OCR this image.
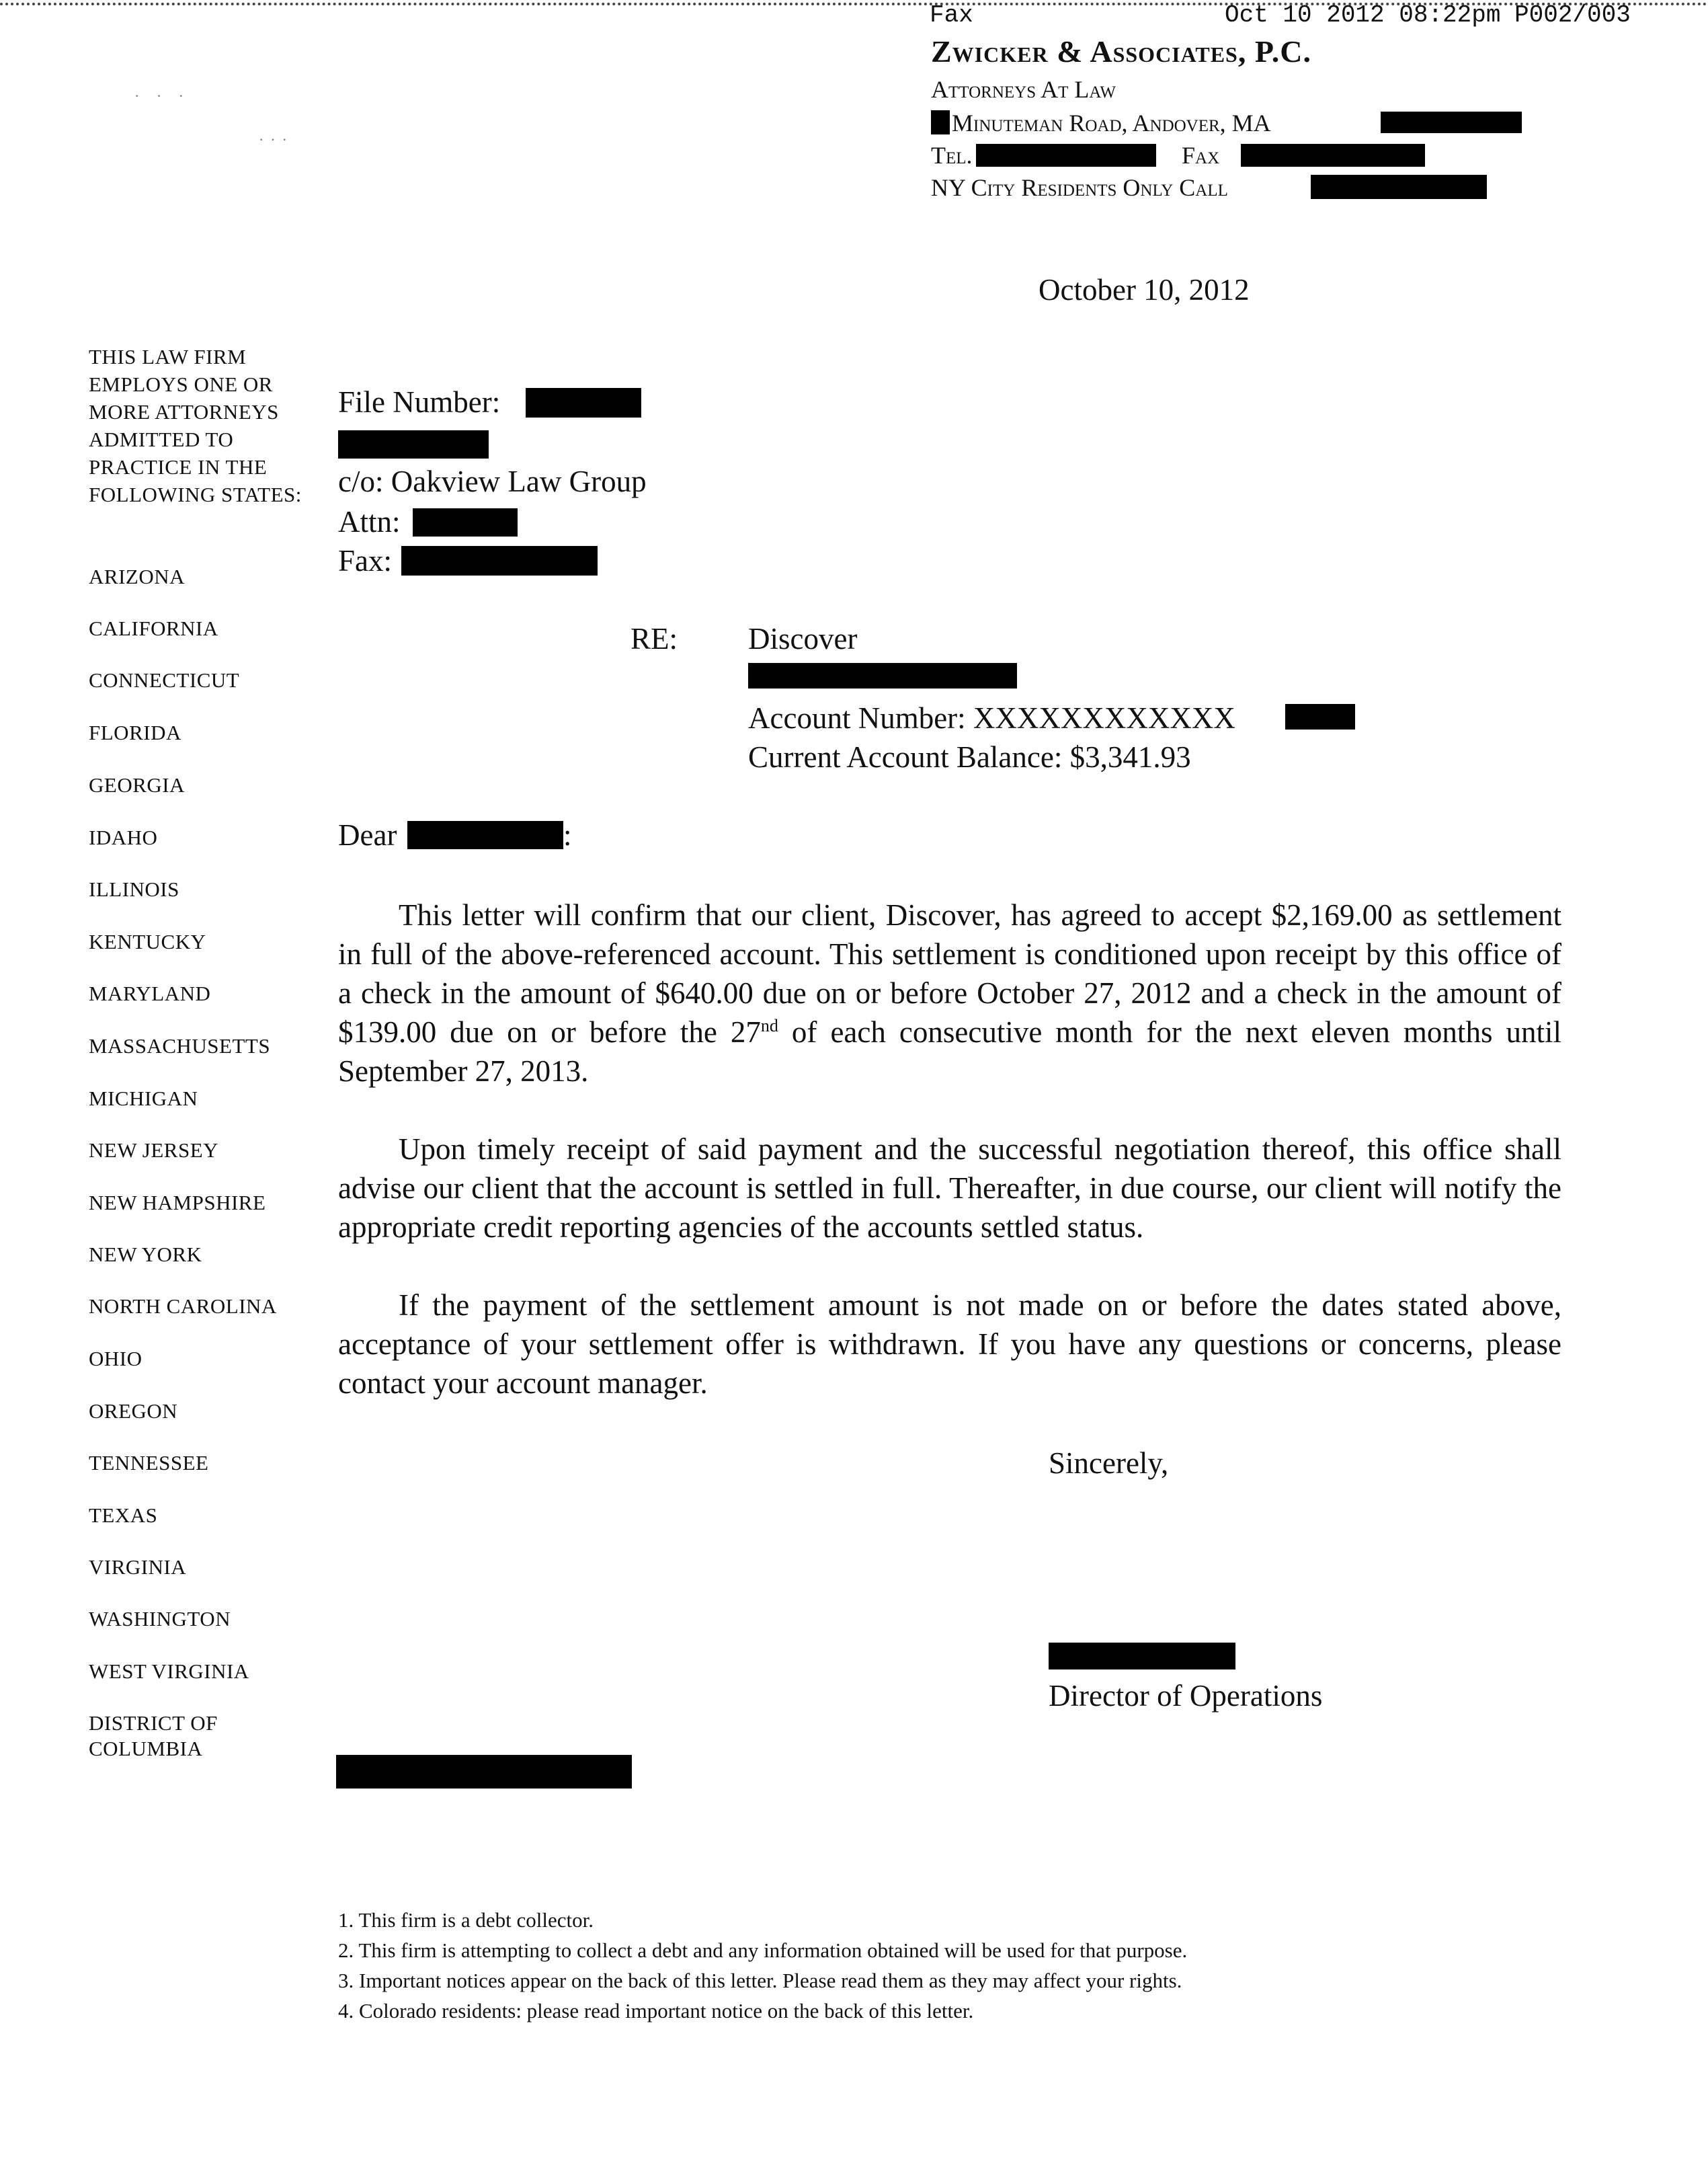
Fax	Oct 10 2012 08:22pm P002/003
· · ·
···
Zwicker & Associates, P.C.
Attorneys At Law
Minuteman Road, Andover, MA
Tel.	Fax
NY City Residents Only Call
October 10, 2012
THIS LAW FIRM
EMPLOYS ONE OR
MORE ATTORNEYS
ADMITTED TO
PRACTICE IN THE
FOLLOWING STATES:
ARIZONA
CALIFORNIA
CONNECTICUT
FLORIDA
GEORGIA
IDAHO
ILLINOIS
KENTUCKY
MARYLAND
MASSACHUSETTS
MICHIGAN
NEW JERSEY
NEW HAMPSHIRE
NEW YORK
NORTH CAROLINA
OHIO
OREGON
TENNESSEE
TEXAS
VIRGINIA
WASHINGTON
WEST VIRGINIA
DISTRICT OF
COLUMBIA
File Number:
c/o: Oakview Law Group
Attn:
Fax:
RE: Discover
Account Number: XXXXXXXXXXXX
Current Account Balance: $3,341.93
Dear	:

This letter will confirm that our client, Discover, has agreed to accept $2,169.00 as settlement in full of the above-referenced account. This settlement is conditioned upon receipt by this office of a check in the amount of $640.00 due on or before October 27, 2012 and a check in the amount of $139.00 due on or before the 27nd of each consecutive month for the next eleven months until September 27, 2013.

Upon timely receipt of said payment and the successful negotiation thereof, this office shall advise our client that the account is settled in full. Thereafter, in due course, our client will notify the appropriate credit reporting agencies of the accounts settled status.

If the payment of the settlement amount is not made on or before the dates stated above, acceptance of your settlement offer is withdrawn. If you have any questions or concerns, please contact your account manager.

Sincerely,
Director of Operations
1. This firm is a debt collector.
2. This firm is attempting to collect a debt and any information obtained will be used for that purpose.
3. Important notices appear on the back of this letter. Please read them as they may affect your rights.
4. Colorado residents: please read important notice on the back of this letter.
